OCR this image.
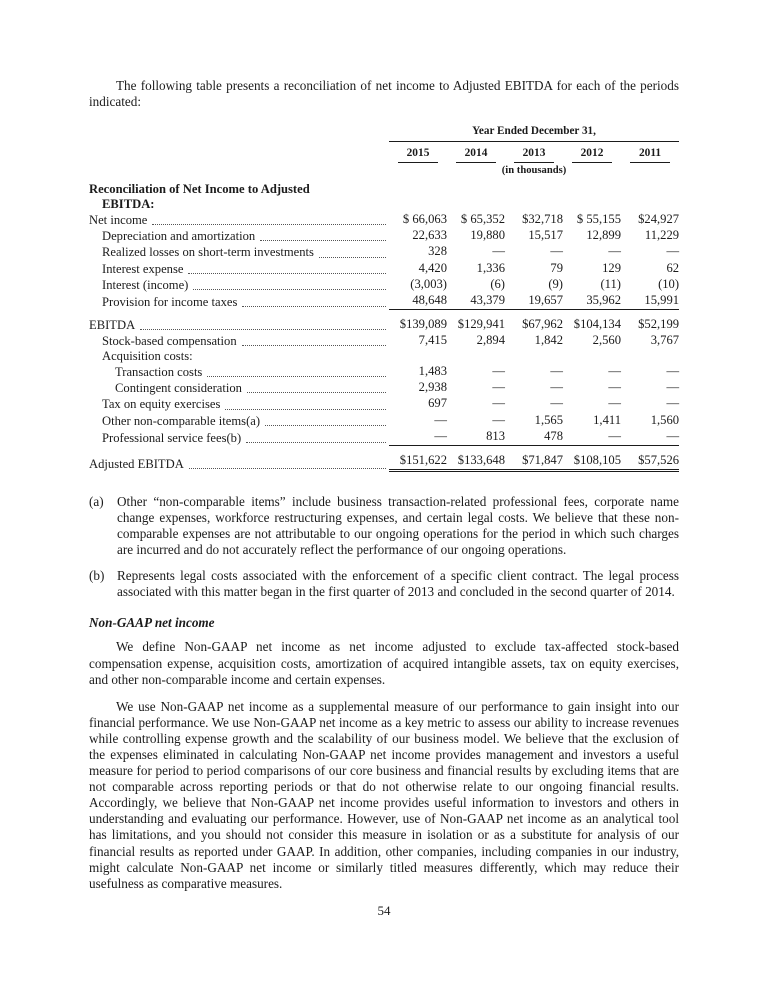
The following table presents a reconciliation of net income to Adjusted EBITDA for each of the periods indicated:

	Year Ended December 31,				
	2015	2014	2013	2012	2011
	(in thousands)				
Reconciliation of Net Income to Adjusted					
EBITDA:					

Net income	$ 66,063	$ 65,352	$32,718	$ 55,155	$24,927

Depreciation and amortization	22,633	19,880	15,517	12,899	11,229

Realized losses on short-term investments	328	—	—	—	—

Interest expense	4,420	1,336	79	129	62

Interest (income)	(3,003)	(6)	(9)	(11)	(10)

Provision for income taxes	48,648	43,379	19,657	35,962	15,991

EBITDA	$139,089	$129,941	$67,962	$104,134	$52,199

Stock-based compensation	7,415	2,894	1,842	2,560	3,767

Acquisition costs:					

Transaction costs	1,483	—	—	—	—

Contingent consideration	2,938	—	—	—	—

Tax on equity exercises	697	—	—	—	—

Other non-comparable items(a)	—	—	1,565	1,411	1,560

Professional service fees(b)	—	813	478	—	—

Adjusted EBITDA	$151,622	$133,648	$71,847	$108,105	$57,526
(a)	Other “non-comparable items” include business transaction-related professional fees, corporate name change expenses, workforce restructuring expenses, and certain legal costs. We believe that these non-comparable expenses are not attributable to our ongoing operations for the period in which such charges are incurred and do not accurately reflect the performance of our ongoing operations.
(b) Represents legal costs associated with the enforcement of a specific client contract. The legal process associated with this matter began in the first quarter of 2013 and concluded in the second quarter of 2014.
Non-GAAP net income

We define Non-GAAP net income as net income adjusted to exclude tax-affected stock-based compensation expense, acquisition costs, amortization of acquired intangible assets, tax on equity exercises, and other non-comparable income and certain expenses.

We use Non-GAAP net income as a supplemental measure of our performance to gain insight into our financial performance. We use Non-GAAP net income as a key metric to assess our ability to increase revenues while controlling expense growth and the scalability of our business model. We believe that the exclusion of the expenses eliminated in calculating Non-GAAP net income provides management and investors a useful measure for period to period comparisons of our core business and financial results by excluding items that are not comparable across reporting periods or that do not otherwise relate to our ongoing financial results. Accordingly, we believe that Non-GAAP net income provides useful information to investors and others in understanding and evaluating our performance. However, use of Non-GAAP net income as an analytical tool has limitations, and you should not consider this measure in isolation or as a substitute for analysis of our financial results as reported under GAAP. In addition, other companies, including companies in our industry, might calculate Non-GAAP net income or similarly titled measures differently, which may reduce their usefulness as comparative measures.

54
